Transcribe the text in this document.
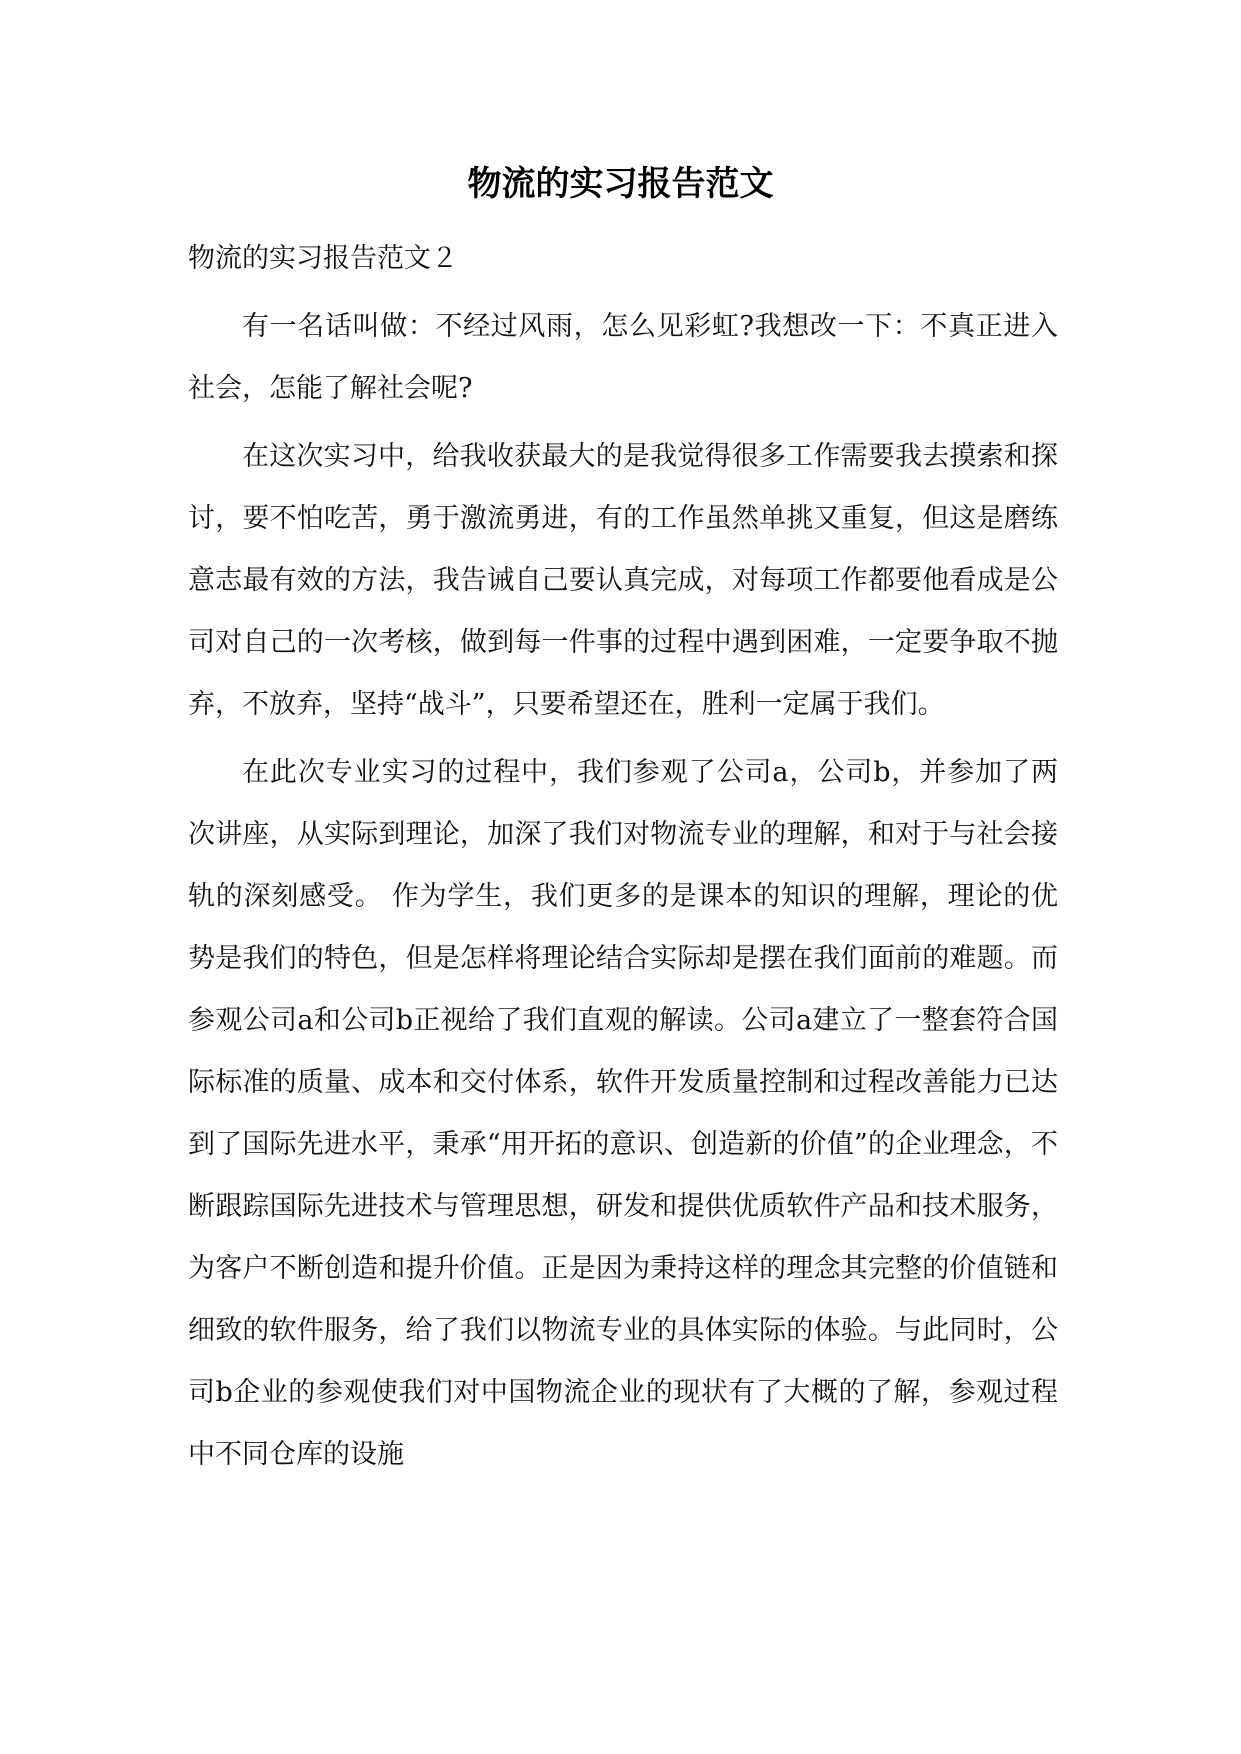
物流的实习报告范文

物流的实习报告范文２

有一名话叫做：不经过风雨，怎么见彩虹?我想改一下：不真正进入社会，怎能了解社会呢?

在这次实习中，给我收获最大的是我觉得很多工作需要我去摸索和探讨，要不怕吃苦，勇于激流勇进，有的工作虽然单挑又重复，但这是磨练意志最有效的方法，我告诫自己要认真完成，对每项工作都要他看成是公司对自己的一次考核，做到每一件事的过程中遇到困难，一定要争取不抛弃，不放弃，坚持“战斗”，只要希望还在，胜利一定属于我们。

在此次专业实习的过程中，我们参观了公司a，公司b，并参加了两次讲座，从实际到理论，加深了我们对物流专业的理解，和对于与社会接轨的深刻感受。 作为学生，我们更多的是课本的知识的理解，理论的优势是我们的特色，但是怎样将理论结合实际却是摆在我们面前的难题。而参观公司a和公司b正视给了我们直观的解读。公司a建立了一整套符合国际标准的质量、成本和交付体系，软件开发质量控制和过程改善能力已达到了国际先进水平，秉承“用开拓的意识、创造新的价值”的企业理念，不断跟踪国际先进技术与管理思想，研发和提供优质软件产品和技术服务，为客户不断创造和提升价值。正是因为秉持这样的理念其完整的价值链和细致的软件服务，给了我们以物流专业的具体实际的体验。与此同时，公司b企业的参观使我们对中国物流企业的现状有了大概的了解，参观过程中不同仓库的设施
